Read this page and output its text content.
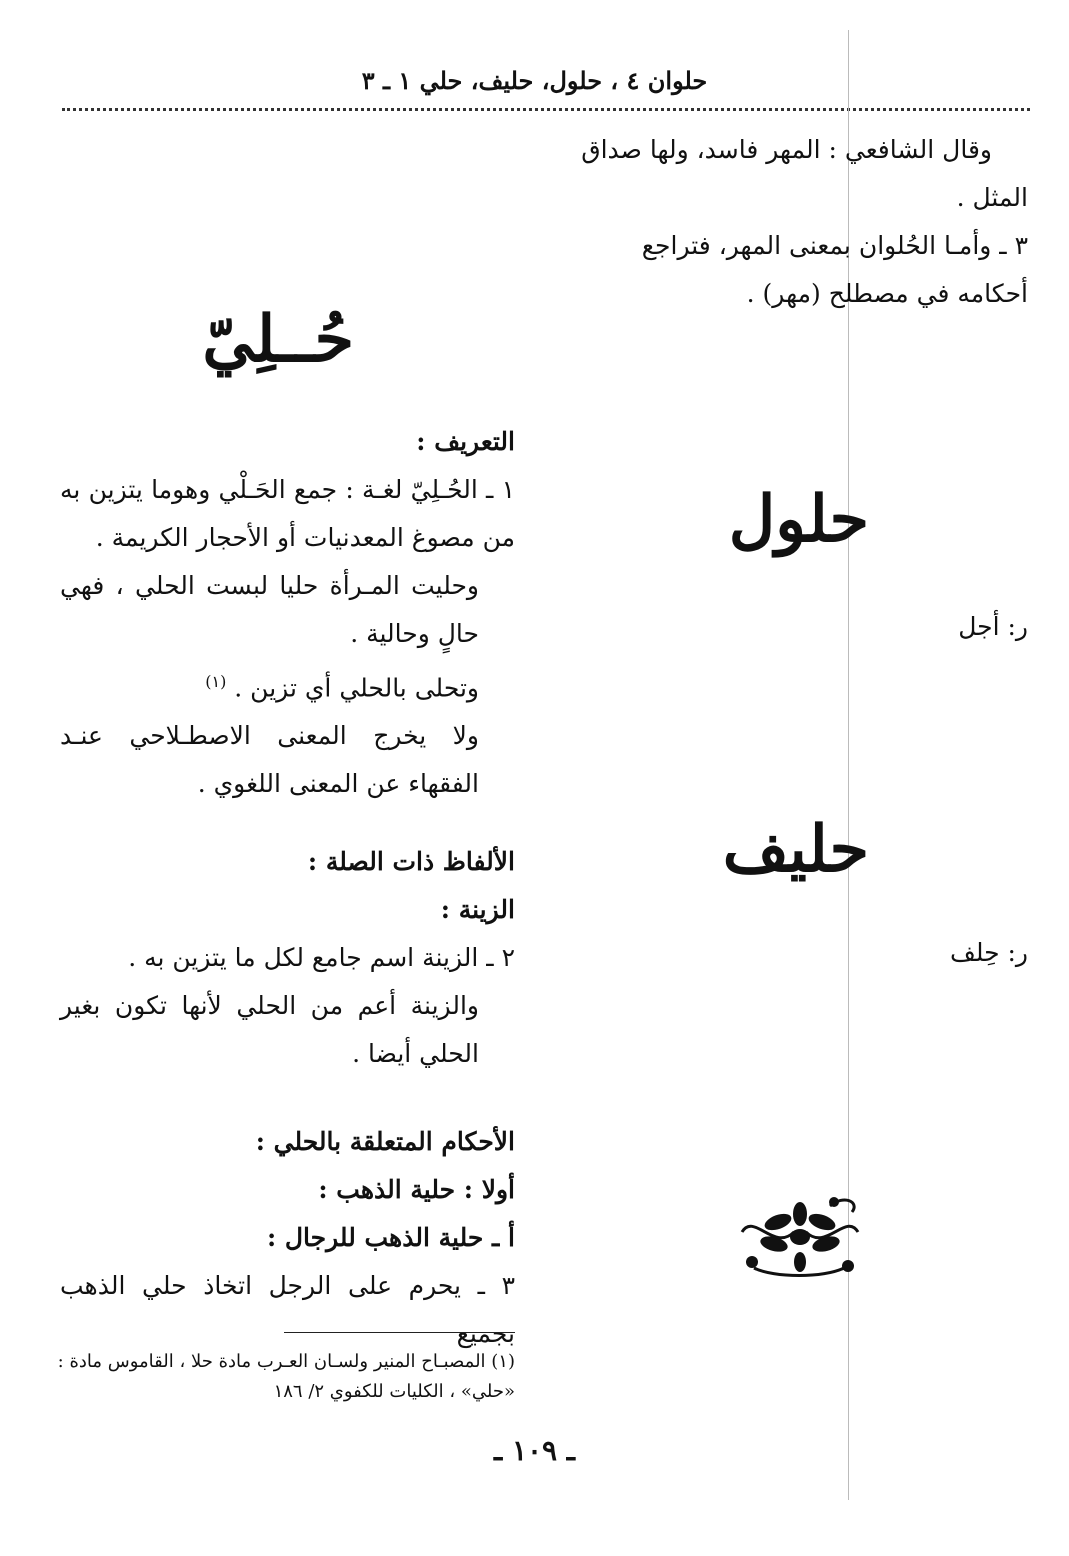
حلوان ٤ ، حلول، حليف، حلي ١ ـ ٣

وقال الشافعي : المهر فاسد، ولها صداق المثل .

٣ ـ وأمـا الحُلوان بمعنى المهر، فتراجع أحكامه في مصطلح (مهر) .

حلول
ر: أجل
حليف
ر: حِلف
حُــلِيّ

التعريف :

١ ـ الحُـلِيّ لغـة : جمع الحَـلْي وهوما يتزين به من مصوغ المعدنيات أو الأحجار الكريمة .

وحليت المـرأة حليا لبست الحلي ، فهي حالٍ وحالية .

وتحلى بالحلي أي تزين . $^{(١)}$

ولا يخرج المعنى الاصطـلاحي عنـد الفقهاء عن المعنى اللغوي .

الألفاظ ذات الصلة :

الزينة :

٢ ـ الزينة اسم جامع لكل ما يتزين به .

والزينة أعم من الحلي لأنها تكون بغير الحلي أيضا .

الأحكام المتعلقة بالحلي :

أولا : حلية الذهب :

أ ـ حلية الذهب للرجال :

٣ ـ يحرم على الرجل اتخاذ حلي الذهب بجميع

(١) المصبـاح المنير ولسـان العـرب مادة حلا ، القاموس مادة : «حلي» ، الكليات للكفوي ٢/ ١٨٦
ـ ١٠٩ ـ
